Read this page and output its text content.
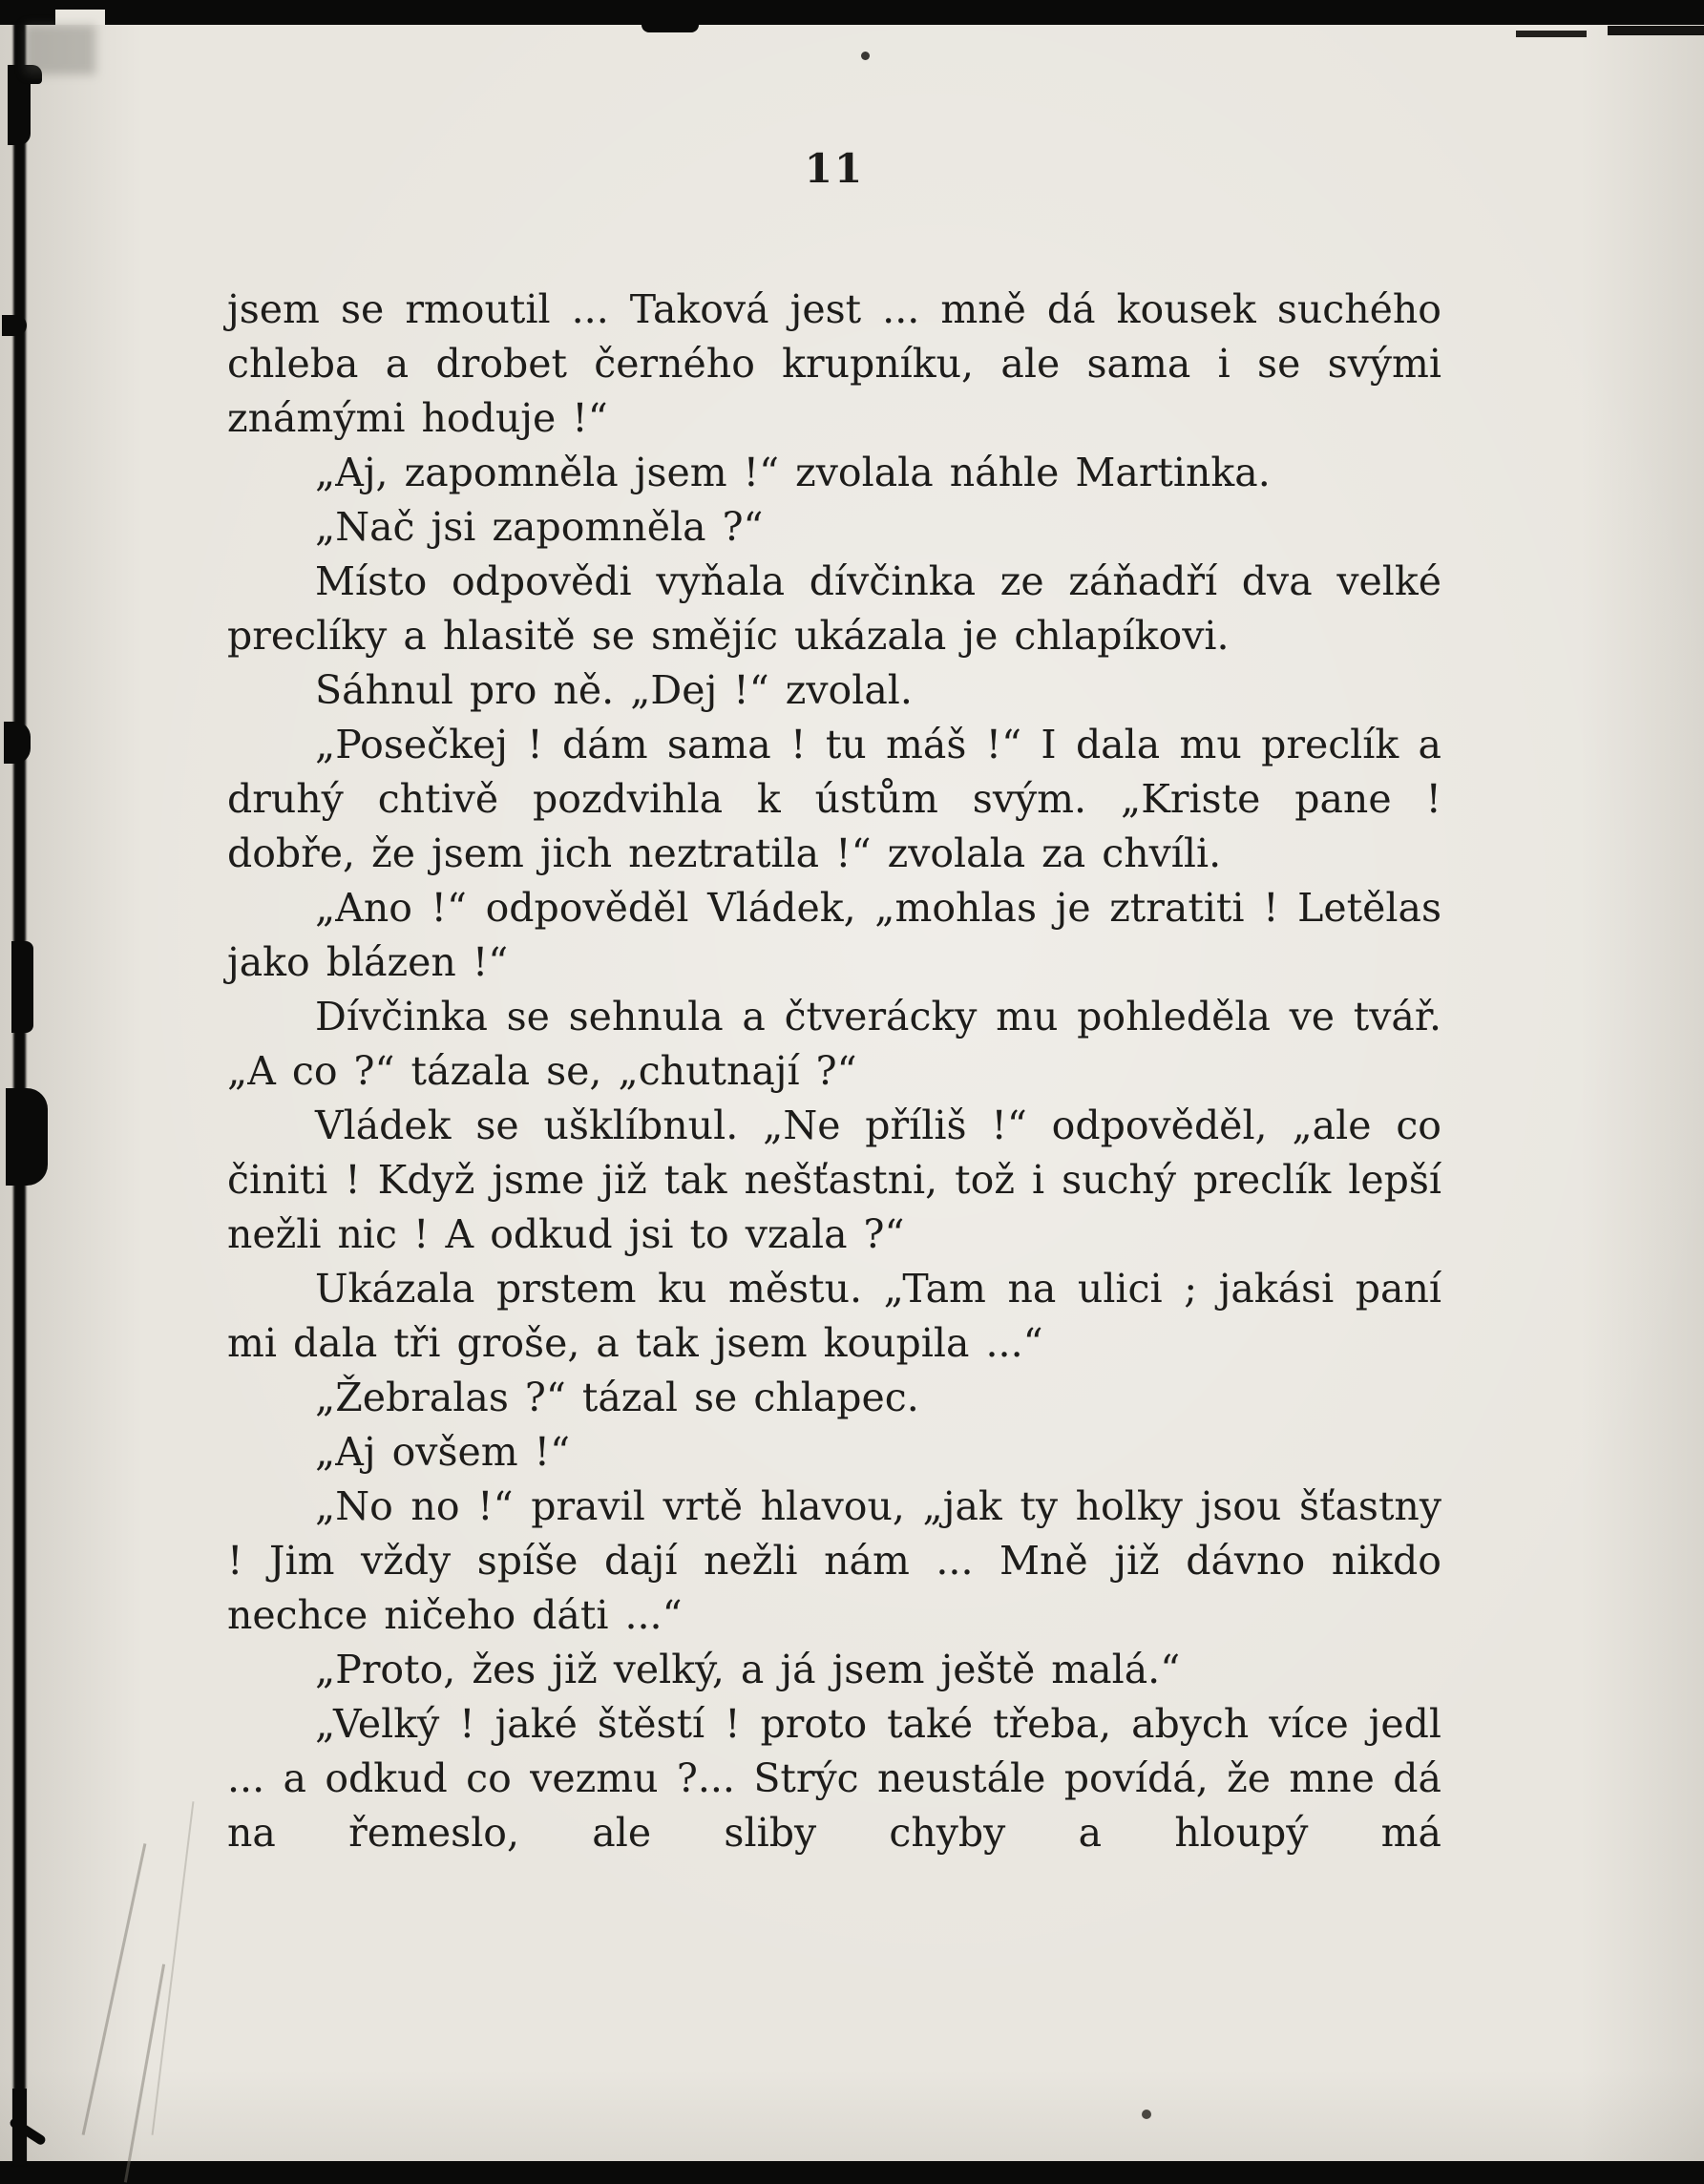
11

jsem se rmoutil ... Taková jest ... mně dá kousek suchého chleba a drobet černého krupníku, ale sama i se svými známými hoduje !“

„Aj, zapomněla jsem !“ zvolala náhle Martinka.

„Nač jsi zapomněla ?“

Místo odpovědi vyňala dívčinka ze záňadří dva velké preclíky a hlasitě se smějíc ukázala je chlapíkovi.

Sáhnul pro ně. „Dej !“ zvolal.

„Posečkej ! dám sama ! tu máš !“ I dala mu preclík a druhý chtivě pozdvihla k ústům svým. „Kriste pane ! dobře, že jsem jich neztratila !“ zvolala za chvíli.

„Ano !“ odpověděl Vládek, „mohlas je ztratiti ! Letělas jako blázen !“

Dívčinka se sehnula a čtverácky mu pohleděla ve tvář. „A co ?“ tázala se, „chutnají ?“

Vládek se ušklíbnul. „Ne příliš !“ odpověděl, „ale co činiti ! Když jsme již tak nešťastni, tož i suchý preclík lepší nežli nic ! A odkud jsi to vzala ?“

Ukázala prstem ku městu. „Tam na ulici ; jakási paní mi dala tři groše, a tak jsem koupila ...“

„Žebralas ?“ tázal se chlapec.

„Aj ovšem !“

„No no !“ pravil vrtě hlavou, „jak ty holky jsou šťastny ! Jim vždy spíše dají nežli nám ... Mně již dávno nikdo nechce ničeho dáti ...“

„Proto, žes již velký, a já jsem ještě malá.“

„Velký ! jaké štěstí ! proto také třeba, abych více jedl ... a odkud co vezmu ?... Strýc neustále povídá, že mne dá na řemeslo, ale sliby chyby a hloupý má
